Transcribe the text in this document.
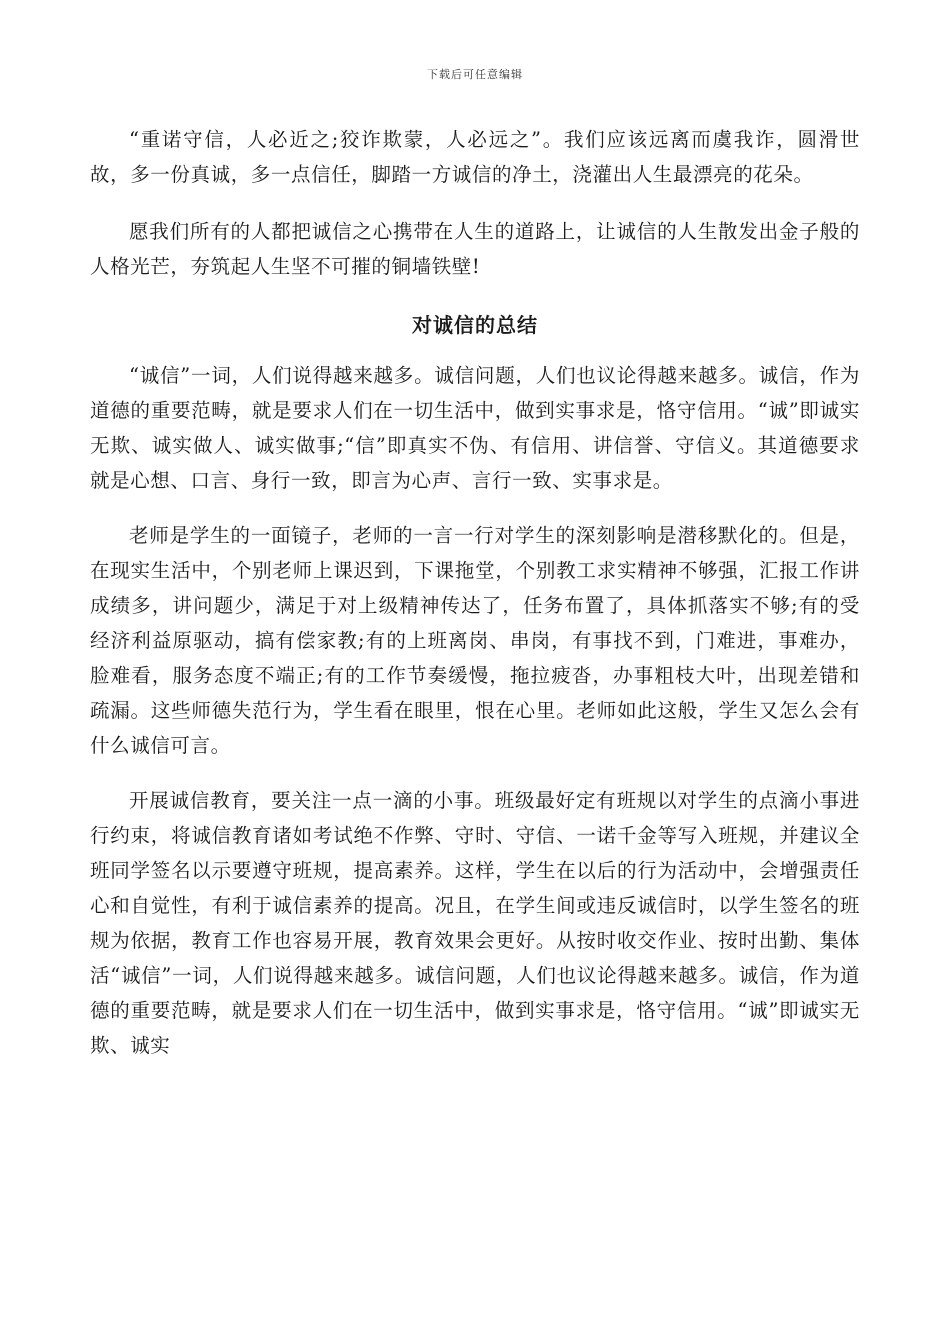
下载后可任意编辑

“重诺守信，人必近之;狡诈欺蒙，人必远之”。我们应该远离而虞我诈，圆滑世故，多一份真诚，多一点信任，脚踏一方诚信的净土，浇灌出人生最漂亮的花朵。

愿我们所有的人都把诚信之心携带在人生的道路上，让诚信的人生散发出金子般的人格光芒，夯筑起人生坚不可摧的铜墙铁壁!

对诚信的总结

“诚信”一词，人们说得越来越多。诚信问题，人们也议论得越来越多。诚信，作为道德的重要范畴，就是要求人们在一切生活中，做到实事求是，恪守信用。“诚”即诚实无欺、诚实做人、诚实做事;“信”即真实不伪、有信用、讲信誉、守信义。其道德要求就是心想、口言、身行一致，即言为心声、言行一致、实事求是。

老师是学生的一面镜子，老师的一言一行对学生的深刻影响是潜移默化的。但是，在现实生活中，个别老师上课迟到，下课拖堂，个别教工求实精神不够强，汇报工作讲成绩多，讲问题少，满足于对上级精神传达了，任务布置了，具体抓落实不够;有的受经济利益原驱动，搞有偿家教;有的上班离岗、串岗，有事找不到，门难进，事难办，脸难看，服务态度不端正;有的工作节奏缓慢，拖拉疲沓，办事粗枝大叶，出现差错和疏漏。这些师德失范行为，学生看在眼里，恨在心里。老师如此这般，学生又怎么会有什么诚信可言。

开展诚信教育，要关注一点一滴的小事。班级最好定有班规以对学生的点滴小事进行约束，将诚信教育诸如考试绝不作弊、守时、守信、一诺千金等写入班规，并建议全班同学签名以示要遵守班规，提高素养。这样，学生在以后的行为活动中，会增强责任心和自觉性，有利于诚信素养的提高。况且，在学生间或违反诚信时，以学生签名的班规为依据，教育工作也容易开展，教育效果会更好。从按时收交作业、按时出勤、集体活“诚信”一词，人们说得越来越多。诚信问题，人们也议论得越来越多。诚信，作为道德的重要范畴，就是要求人们在一切生活中，做到实事求是，恪守信用。“诚”即诚实无欺、诚实
